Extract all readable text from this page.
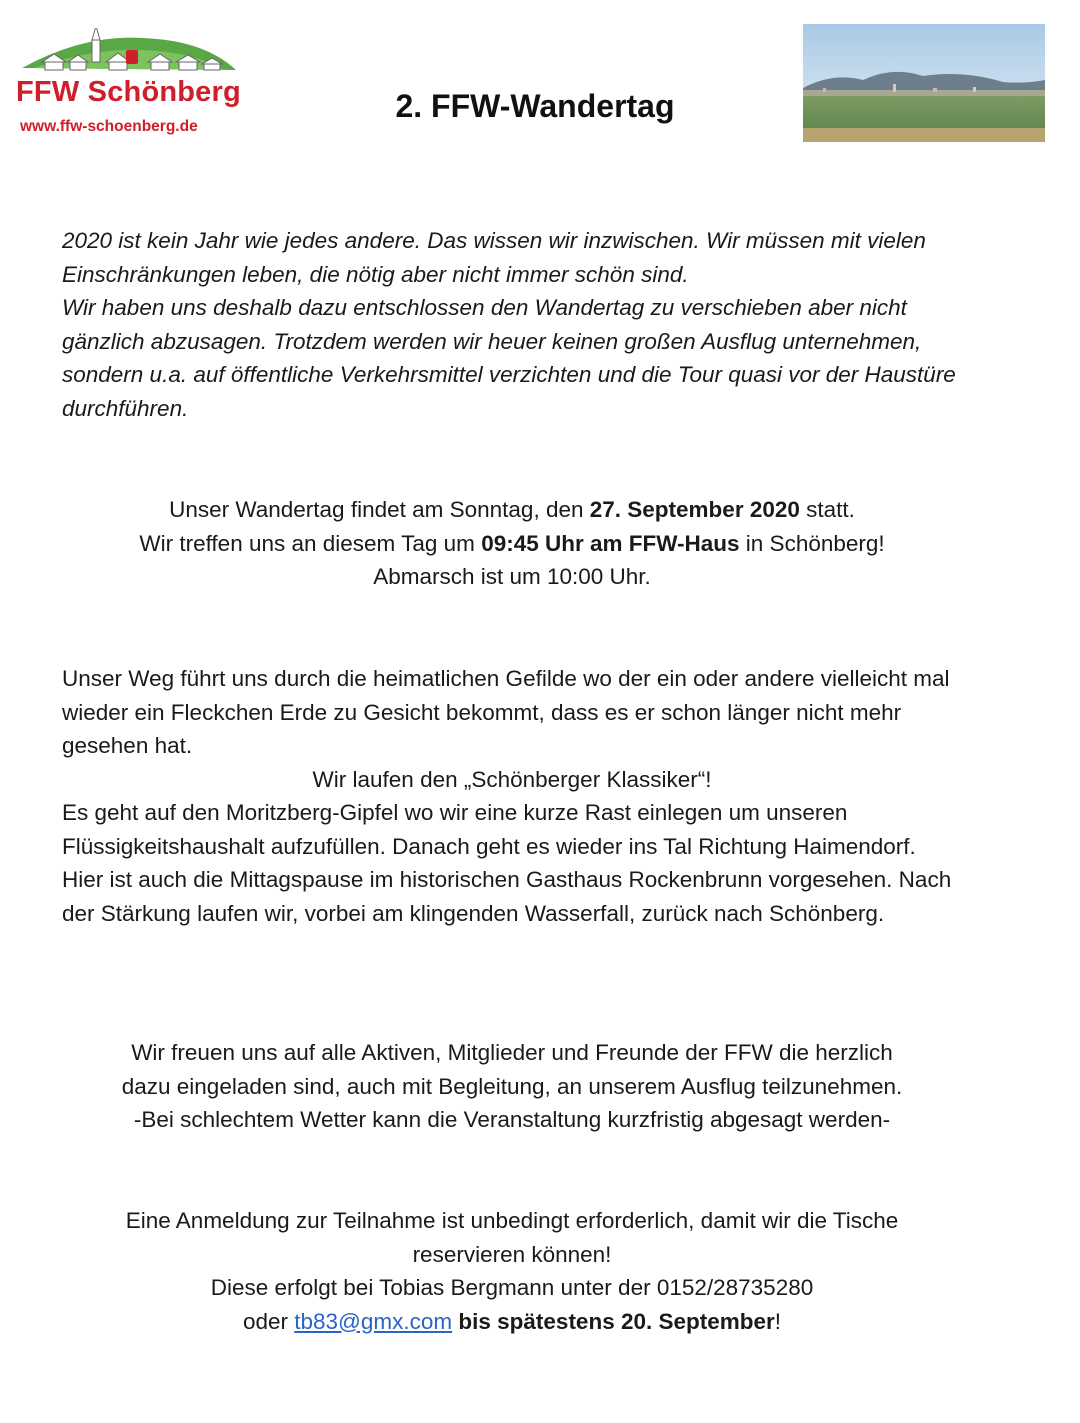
FFW Schönberg
www.ffw-schoenberg.de
2. FFW-Wandertag

2020 ist kein Jahr wie jedes andere. Das wissen wir inzwischen. Wir müssen mit vielen Einschränkungen leben, die nötig aber nicht immer schön sind.

Wir haben uns deshalb dazu entschlossen den Wandertag zu verschieben aber nicht gänzlich abzusagen. Trotzdem werden wir heuer keinen großen Ausflug unternehmen, sondern u.a. auf öffentliche Verkehrsmittel verzichten und die Tour quasi vor der Haustüre durchführen.

Unser Wandertag findet am Sonntag, den 27. September 2020 statt.

Wir treffen uns an diesem Tag um 09:45 Uhr am FFW-Haus in Schönberg!

Abmarsch ist um 10:00 Uhr.

Unser Weg führt uns durch die heimatlichen Gefilde wo der ein oder andere vielleicht mal wieder ein Fleckchen Erde zu Gesicht bekommt, dass es er schon länger nicht mehr gesehen hat.

Wir laufen den „Schönberger Klassiker“!

Es geht auf den Moritzberg-Gipfel wo wir eine kurze Rast einlegen um unseren Flüssigkeitshaushalt aufzufüllen. Danach geht es wieder ins Tal Richtung Haimendorf. Hier ist auch die Mittagspause im historischen Gasthaus Rockenbrunn vorgesehen. Nach der Stärkung laufen wir, vorbei am klingenden Wasserfall, zurück nach Schönberg.

Wir freuen uns auf alle Aktiven, Mitglieder und Freunde der FFW die herzlich

dazu eingeladen sind, auch mit Begleitung, an unserem Ausflug teilzunehmen.

-Bei schlechtem Wetter kann die Veranstaltung kurzfristig abgesagt werden-

Eine Anmeldung zur Teilnahme ist unbedingt erforderlich, damit wir die Tische

reservieren können!

Diese erfolgt bei Tobias Bergmann unter der 0152/28735280

oder tb83@gmx.com bis spätestens 20. September!
